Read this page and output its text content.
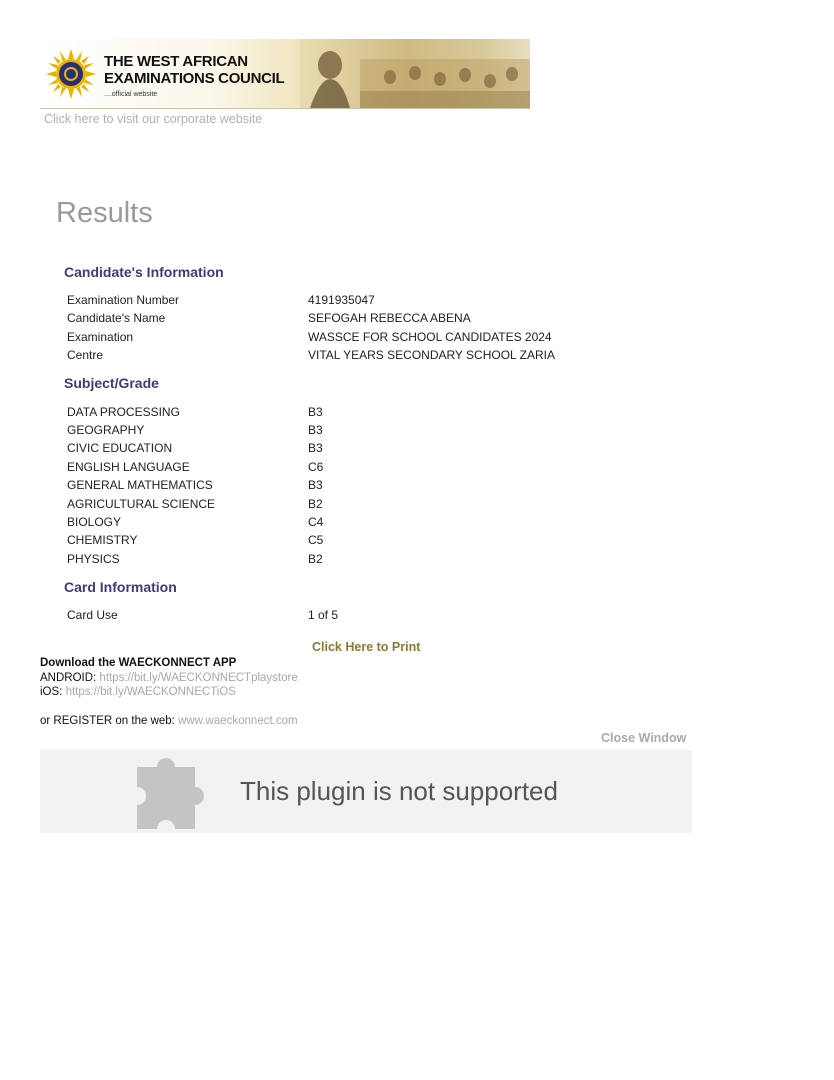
THE WEST AFRICAN
EXAMINATIONS COUNCIL
....official website
Click here to visit our corporate website
Results
Candidate's Information
Examination Number	4191935047
Candidate's Name	SEFOGAH REBECCA ABENA
Examination	WASSCE FOR SCHOOL CANDIDATES 2024
Centre	VITAL YEARS SECONDARY SCHOOL ZARIA
Subject/Grade
DATA PROCESSING	B3
GEOGRAPHY	B3
CIVIC EDUCATION	B3
ENGLISH LANGUAGE	C6
GENERAL MATHEMATICS	B3
AGRICULTURAL SCIENCE	B2
BIOLOGY	C4
CHEMISTRY	C5
PHYSICS	B2
Card Information
Card Use	1 of 5
Click Here to Print
Download the WAECKONNECT APP
ANDROID: https://bit.ly/WAECKONNECTplaystore
iOS: https://bit.ly/WAECKONNECTiOS
or REGISTER on the web: www.waeckonnect.com
Close Window
This plugin is not supported
